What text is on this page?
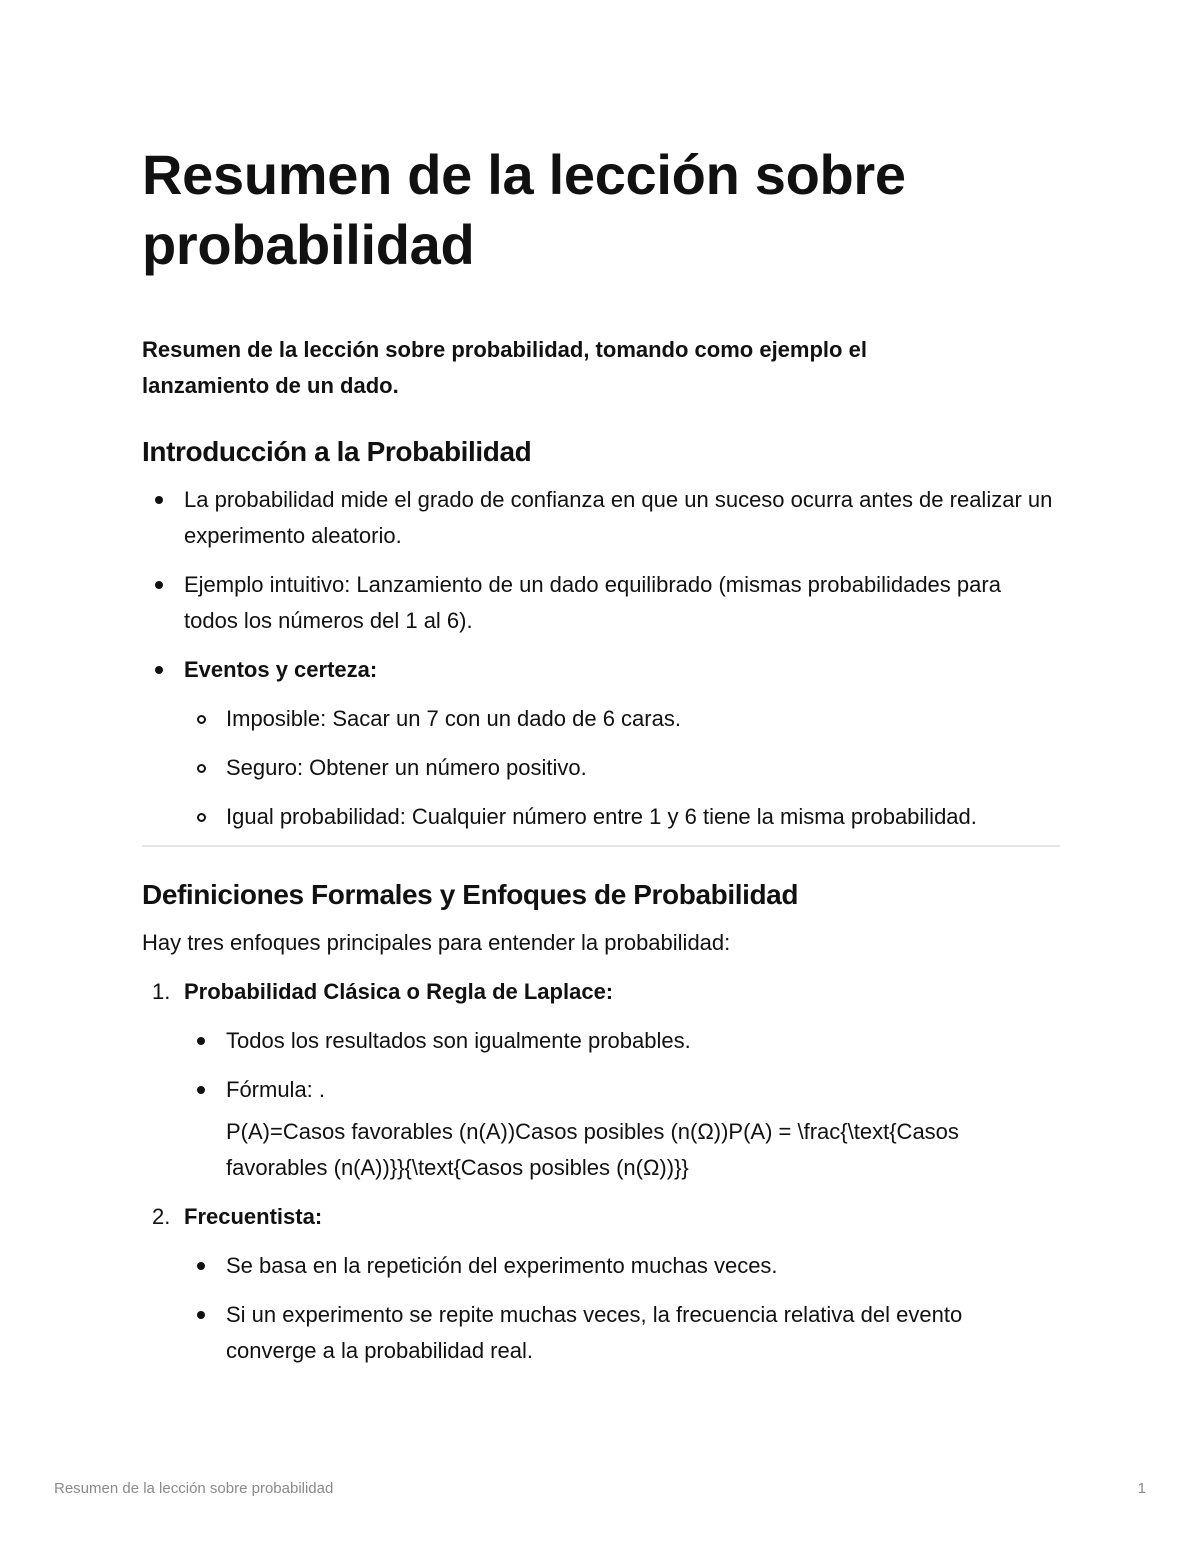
Resumen de la lección sobre probabilidad

Resumen de la lección sobre probabilidad, tomando como ejemplo el lanzamiento de un dado.

Introducción a la Probabilidad
La probabilidad mide el grado de confianza en que un suceso ocurra antes de realizar un experimento aleatorio.
Ejemplo intuitivo: Lanzamiento de un dado equilibrado (mismas probabilidades para todos los números del 1 al 6).
Eventos y certeza:
Imposible: Sacar un 7 con un dado de 6 caras.
Seguro: Obtener un número positivo.
Igual probabilidad: Cualquier número entre 1 y 6 tiene la misma probabilidad.
Definiciones Formales y Enfoques de Probabilidad

Hay tres enfoques principales para entender la probabilidad:

1. Probabilidad Clásica o Regla de Laplace:
Todos los resultados son igualmente probables.
Fórmula: .
P(A)=Casos favorables (n(A))Casos posibles (n(Ω))P(A) = \frac{\text{Casos favorables (n(A))}}{\text{Casos posibles (n(Ω))}}
2. Frecuentista:
Se basa en la repetición del experimento muchas veces.
Si un experimento se repite muchas veces, la frecuencia relativa del evento converge a la probabilidad real.
Resumen de la lección sobre probabilidad	1
